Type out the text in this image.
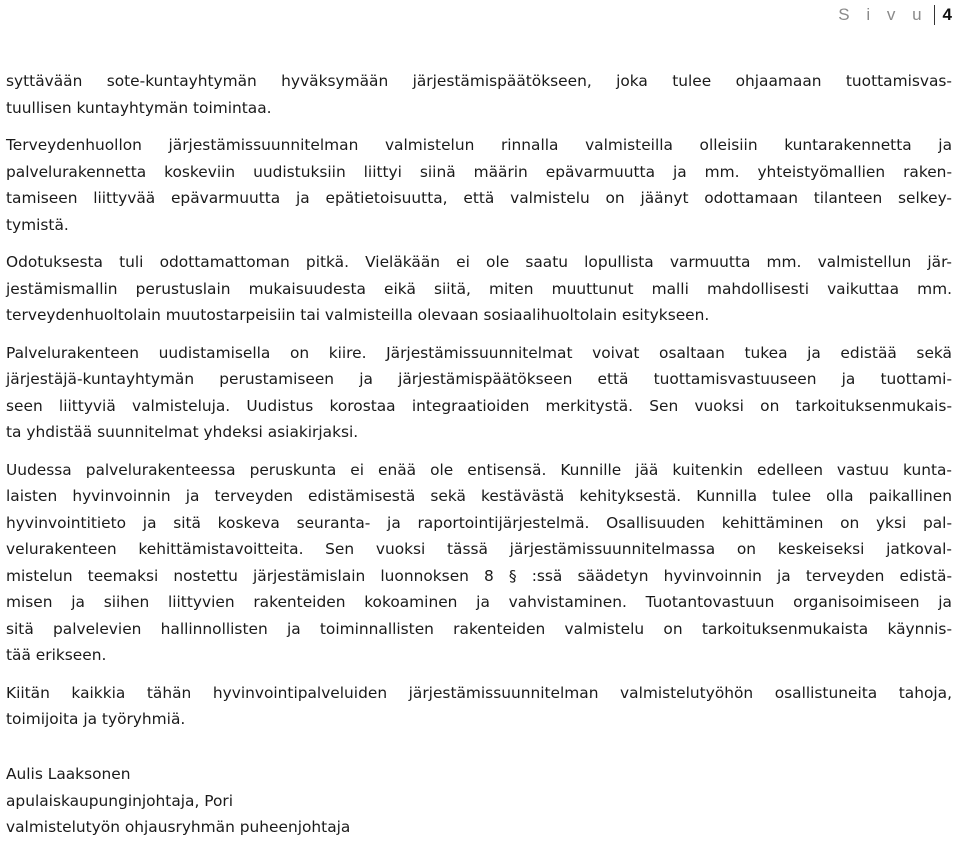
S i v u 4

syttävään sote-kuntayhtymän hyväksymään järjestämispäätökseen, joka tulee ohjaamaan tuottamisvas-
tuullisen kuntayhtymän toimintaa.

Terveydenhuollon järjestämissuunnitelman valmistelun rinnalla valmisteilla olleisiin kuntarakennetta ja
palvelurakennetta koskeviin uudistuksiin liittyi siinä määrin epävarmuutta ja mm. yhteistyömallien raken-
tamiseen liittyvää epävarmuutta ja epätietoisuutta, että valmistelu on jäänyt odottamaan tilanteen selkey-
tymistä.

Odotuksesta tuli odottamattoman pitkä. Vieläkään ei ole saatu lopullista varmuutta mm. valmistellun jär-
jestämismallin perustuslain mukaisuudesta eikä siitä, miten muuttunut malli mahdollisesti vaikuttaa mm.
terveydenhuoltolain muutostarpeisiin tai valmisteilla olevaan sosiaalihuoltolain esitykseen.

Palvelurakenteen uudistamisella on kiire. Järjestämissuunnitelmat voivat osaltaan tukea ja edistää sekä
järjestäjä-kuntayhtymän perustamiseen ja järjestämispäätökseen että tuottamisvastuuseen ja tuottami-
seen liittyviä valmisteluja. Uudistus korostaa integraatioiden merkitystä. Sen vuoksi on tarkoituksenmukais-
ta yhdistää suunnitelmat yhdeksi asiakirjaksi.

Uudessa palvelurakenteessa peruskunta ei enää ole entisensä. Kunnille jää kuitenkin edelleen vastuu kunta-
laisten hyvinvoinnin ja terveyden edistämisestä sekä kestävästä kehityksestä. Kunnilla tulee olla paikallinen
hyvinvointitieto ja sitä koskeva seuranta- ja raportointijärjestelmä. Osallisuuden kehittäminen on yksi pal-
velurakenteen kehittämistavoitteita. Sen vuoksi tässä järjestämissuunnitelmassa on keskeiseksi jatkoval-
mistelun teemaksi nostettu järjestämislain luonnoksen 8 § :ssä säädetyn hyvinvoinnin ja terveyden edistä-
misen ja siihen liittyvien rakenteiden kokoaminen ja vahvistaminen. Tuotantovastuun organisoimiseen ja
sitä palvelevien hallinnollisten ja toiminnallisten rakenteiden valmistelu on tarkoituksenmukaista käynnis-
tää erikseen.

Kiitän kaikkia tähän hyvinvointipalveluiden järjestämissuunnitelman valmistelutyöhön osallistuneita tahoja,
toimijoita ja työryhmiä.

Aulis Laaksonen
apulaiskaupunginjohtaja, Pori
valmistelutyön ohjausryhmän puheenjohtaja
